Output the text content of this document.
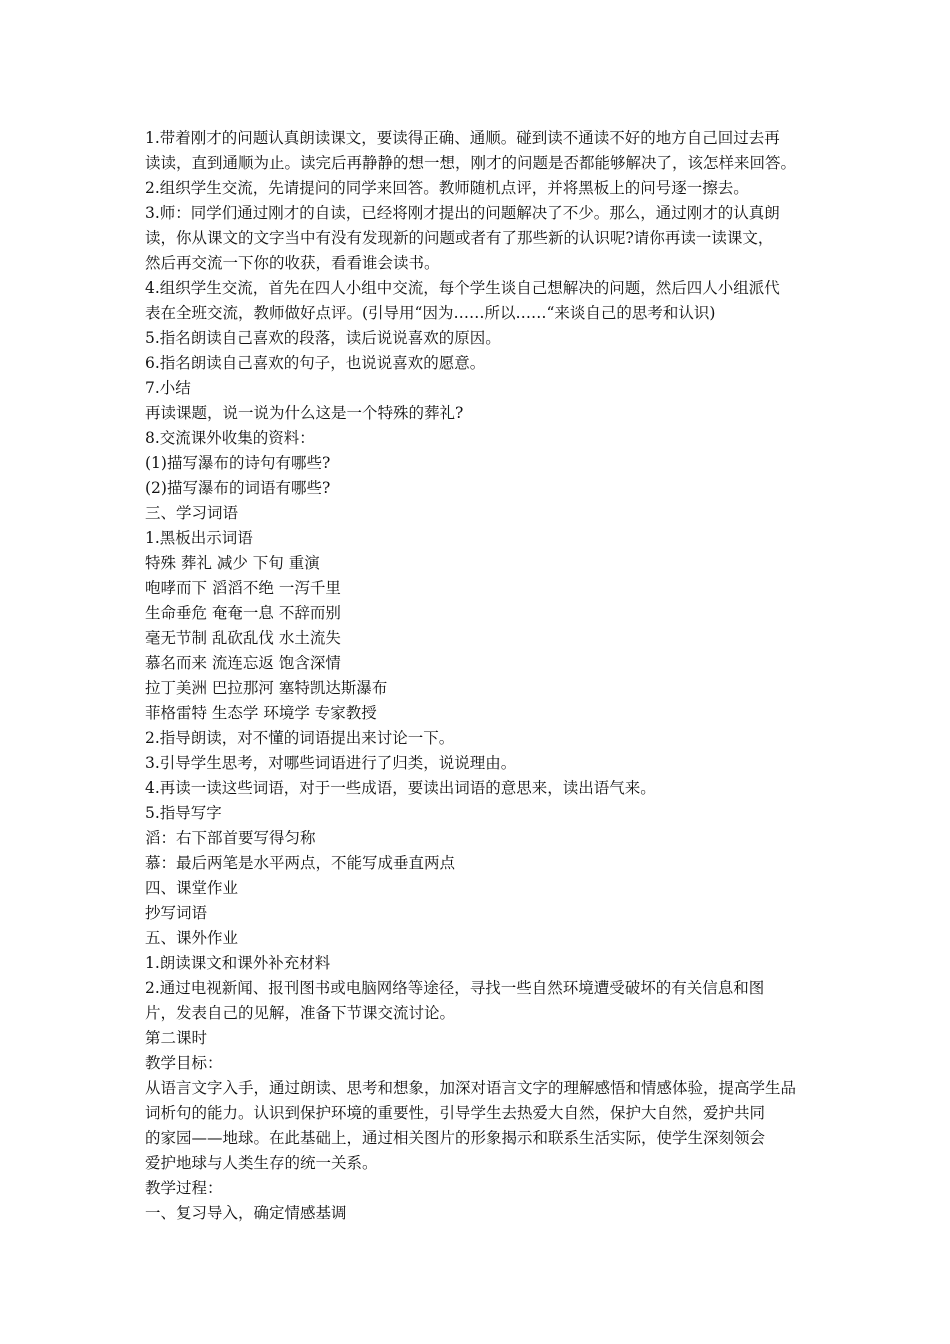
1.带着刚才的问题认真朗读课文，要读得正确、通顺。碰到读不通读不好的地方自己回过去再
读读，直到通顺为止。读完后再静静的想一想，刚才的问题是否都能够解决了，该怎样来回答。
2.组织学生交流，先请提问的同学来回答。教师随机点评，并将黑板上的问号逐一擦去。
3.师：同学们通过刚才的自读，已经将刚才提出的问题解决了不少。那么，通过刚才的认真朗
读，你从课文的文字当中有没有发现新的问题或者有了那些新的认识呢?请你再读一读课文，
然后再交流一下你的收获，看看谁会读书。
4.组织学生交流，首先在四人小组中交流，每个学生谈自己想解决的问题，然后四人小组派代
表在全班交流，教师做好点评。(引导用“因为……所以……“来谈自己的思考和认识)
5.指名朗读自己喜欢的段落，读后说说喜欢的原因。
6.指名朗读自己喜欢的句子，也说说喜欢的愿意。
7.小结
再读课题，说一说为什么这是一个特殊的葬礼?
8.交流课外收集的资料：
(1)描写瀑布的诗句有哪些?
(2)描写瀑布的词语有哪些?
三、学习词语
1.黑板出示词语
特殊 葬礼 减少 下旬 重演
咆哮而下 滔滔不绝 一泻千里
生命垂危 奄奄一息 不辞而别
毫无节制 乱砍乱伐 水土流失
慕名而来 流连忘返 饱含深情
拉丁美洲 巴拉那河 塞特凯达斯瀑布
菲格雷特 生态学 环境学 专家教授
2.指导朗读，对不懂的词语提出来讨论一下。
3.引导学生思考，对哪些词语进行了归类，说说理由。
4.再读一读这些词语，对于一些成语，要读出词语的意思来，读出语气来。
5.指导写字
滔：右下部首要写得匀称
慕：最后两笔是水平两点，不能写成垂直两点
四、课堂作业
抄写词语
五、课外作业
1.朗读课文和课外补充材料
2.通过电视新闻、报刊图书或电脑网络等途径，寻找一些自然环境遭受破坏的有关信息和图
片，发表自己的见解，准备下节课交流讨论。
第二课时
教学目标：
从语言文字入手，通过朗读、思考和想象，加深对语言文字的理解感悟和情感体验，提高学生品
词析句的能力。认识到保护环境的重要性，引导学生去热爱大自然，保护大自然，爱护共同
的家园——地球。在此基础上，通过相关图片的形象揭示和联系生活实际，使学生深刻领会
爱护地球与人类生存的统一关系。
教学过程：
一、复习导入，确定情感基调
